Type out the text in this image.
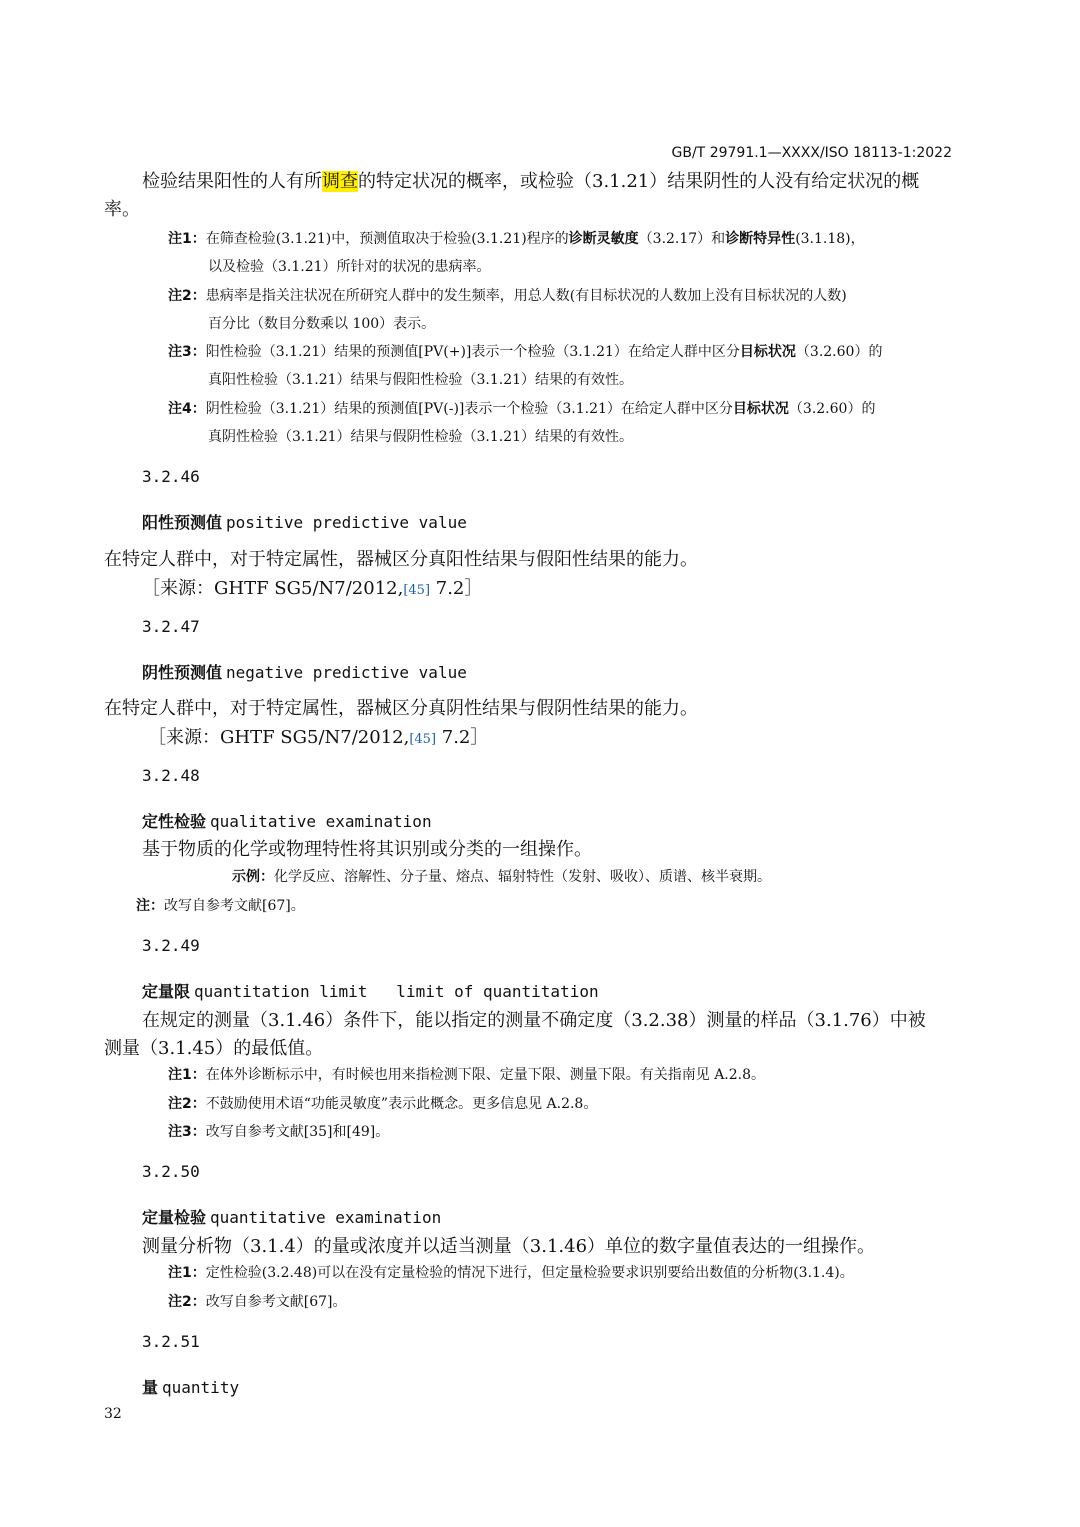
GB/T 29791.1—XXXX/ISO 18113-1:2022
检验结果阳性的人有所调查的特定状况的概率，或检验（3.1.21）结果阴性的人没有给定状况的概
率。
注1：在筛查检验(3.1.21)中，预测值取决于检验(3.1.21)程序的诊断灵敏度（3.2.17）和诊断特异性(3.1.18)，
以及检验（3.1.21）所针对的状况的患病率。
注2：患病率是指关注状况在所研究人群中的发生频率，用总人数(有目标状况的人数加上没有目标状况的人数)
百分比（数目分数乘以 100）表示。
注3：阳性检验（3.1.21）结果的预测值[PV(+)]表示一个检验（3.1.21）在给定人群中区分目标状况（3.2.60）的
真阳性检验（3.1.21）结果与假阳性检验（3.1.21）结果的有效性。
注4：阴性检验（3.1.21）结果的预测值[PV(-)]表示一个检验（3.1.21）在给定人群中区分目标状况（3.2.60）的
真阴性检验（3.1.21）结果与假阴性检验（3.1.21）结果的有效性。
3.2.46
阳性预测值 positive predictive value
在特定人群中，对于特定属性，器械区分真阳性结果与假阳性结果的能力。
［来源：GHTF SG5/N7/2012,[45] 7.2］
3.2.47
阴性预测值 negative predictive value
在特定人群中，对于特定属性，器械区分真阴性结果与假阴性结果的能力。
［来源：GHTF SG5/N7/2012,[45] 7.2］
3.2.48
定性检验 qualitative examination
基于物质的化学或物理特性将其识别或分类的一组操作。
示例：化学反应、溶解性、分子量、熔点、辐射特性（发射、吸收）、质谱、核半衰期。
注：改写自参考文献[67]。
3.2.49
定量限 quantitation limit   limit of quantitation
在规定的测量（3.1.46）条件下，能以指定的测量不确定度（3.2.38）测量的样品（3.1.76）中被
测量（3.1.45）的最低值。
注1：在体外诊断标示中，有时候也用来指检测下限、定量下限、测量下限。有关指南见 A.2.8。
注2：不鼓励使用术语“功能灵敏度”表示此概念。更多信息见 A.2.8。
注3：改写自参考文献[35]和[49]。
3.2.50
定量检验 quantitative examination
测量分析物（3.1.4）的量或浓度并以适当测量（3.1.46）单位的数字量值表达的一组操作。
注1：定性检验(3.2.48)可以在没有定量检验的情况下进行，但定量检验要求识别要给出数值的分析物(3.1.4)。
注2：改写自参考文献[67]。
3.2.51
量 quantity
32
